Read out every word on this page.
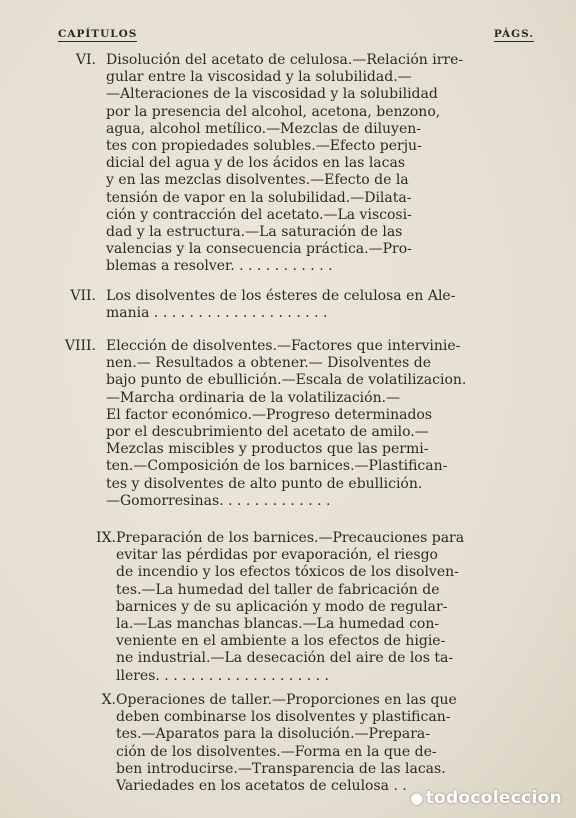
CAPÍTULOS	PÁGS.
VI. Disolución del acetato de celulosa.—Relación irre-
gular entre la viscosidad y la solubilidad.—
—Alteraciones de la viscosidad y la solubilidad
por la presencia del alcohol, acetona, benzono,
agua, alcohol metílico.—Mezclas de diluyen-
tes con propiedades solubles.—Efecto perju-
dicial del agua y de los ácidos en las lacas
y en las mezclas disolventes.—Efecto de la
tensión de vapor en la solubilidad.—Dilata-
ción y contracción del acetato.—La viscosi-
dad y la estructura.—La saturación de las
valencias y la consecuencia práctica.—Pro-
blemas a resolver. . . . . . . . . . . .
VII. Los disolventes de los ésteres de celulosa en Ale-
mania . . . . . . . . . . . . . . . . . . . .
VIII. Elección de disolventes.—Factores que intervinie-
nen.— Resultados a obtener.— Disolventes de
bajo punto de ebullición.—Escala de volatilizacion.
—Marcha ordinaria de la volatilización.—
El factor económico.—Progreso determinados
por el descubrimiento del acetato de amilo.—
Mezclas miscibles y productos que las permi-
ten.—Composición de los barnices.—Plastifican-
tes y disolventes de alto punto de ebullición.
—Gomorresinas. . . . . . . . . . . . .
IX. Preparación de los barnices.—Precauciones para
evitar las pérdidas por evaporación, el riesgo
de incendio y los efectos tóxicos de los disolven-
tes.—La humedad del taller de fabricación de
barnices y de su aplicación y modo de regular-
la.—Las manchas blancas.—La humedad con-
veniente en el ambiente a los efectos de higie-
ne industrial.—La desecación del aire de los ta-
lleres. . . . . . . . . . . . . . . . . . . .
X. Operaciones de taller.—Proporciones en las que
deben combinarse los disolventes y plastifican-
tes.—Aparatos para la disolución.—Prepara-
ción de los disolventes.—Forma en la que de-
ben introducirse.—Transparencia de las lacas.
Variedades en los acetatos de celulosa . .
● todocoleccion
